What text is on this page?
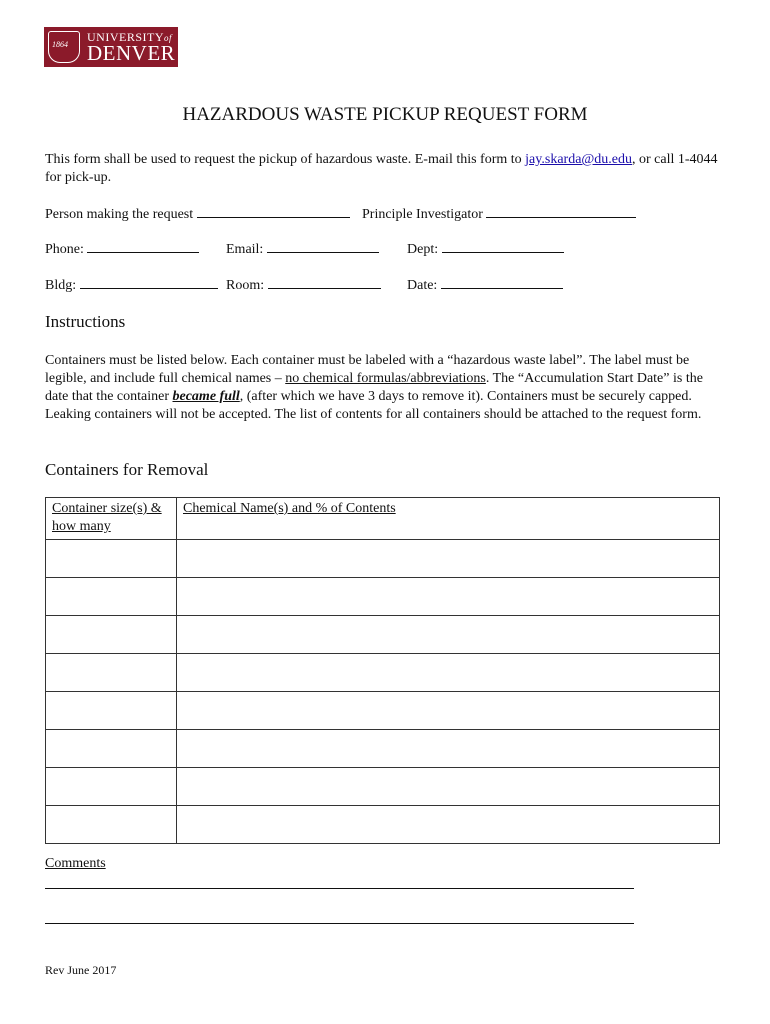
1864
UNIVERSITYof
DENVER
HAZARDOUS WASTE PICKUP REQUEST FORM
This form shall be used to request the pickup of hazardous waste. E-mail this form to jay.skarda@du.edu, or call 1-4044 for pick-up.
Person making the request	Principle Investigator
Phone:	Email:	Dept:
Bldg:	Room:	Date:
Instructions
Containers must be listed below. Each container must be labeled with a “hazardous waste label”. The label must be legible, and include full chemical names – no chemical formulas/abbreviations. The “Accumulation Start Date” is the date that the container became full, (after which we have 3 days to remove it). Containers must be securely capped. Leaking containers will not be accepted. The list of contents for all containers should be attached to the request form.
Containers for Removal
Container size(s) & how many	Chemical Name(s) and % of Contents

Comments
Rev June 2017
